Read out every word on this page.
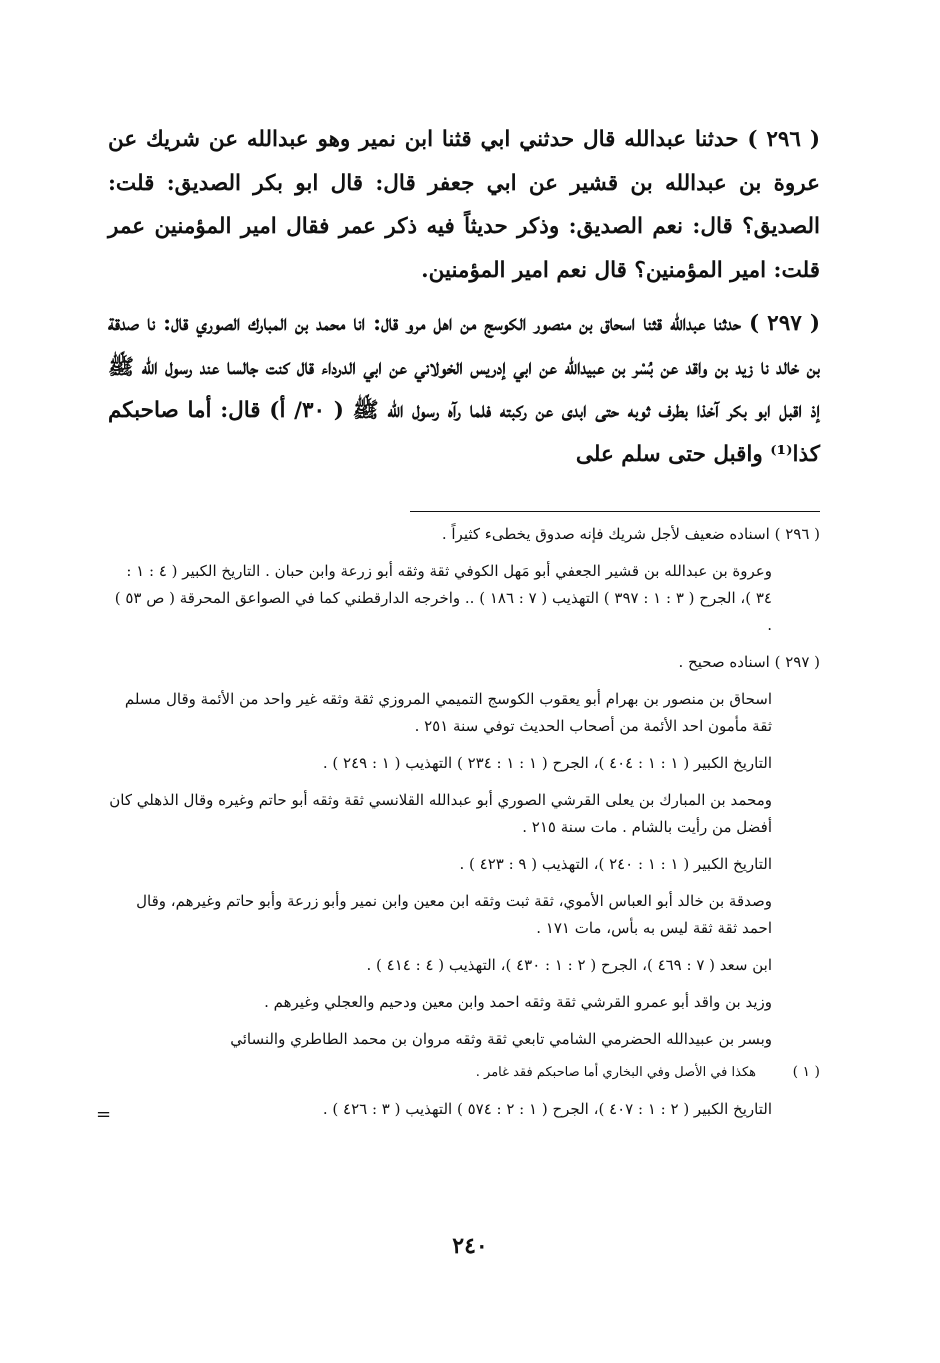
( ٢٩٦ ) حدثنا عبدالله قال حدثني ابي قثنا ابن نمير وهو عبدالله عن شريك عن عروة بن عبدالله بن قشير عن ابي جعفر قال: قال ابو بكر الصديق: قلت: الصديق؟ قال: نعم الصديق: وذكر حديثاً فيه ذكر عمر فقال امير المؤمنين عمر قلت: امير المؤمنين؟ قال نعم امير المؤمنين.

( ٢٩٧ ) حدثنا عبدالله قثنا اسحاق بن منصور الكوسج من اهل مرو قال: انا محمد بن المبارك الصوري قال: نا صدقة بن خالد نا زيد بن واقد عن بُسْر بن عبيدالله عن ابي إدريس الخولاني عن ابي الدرداء قال كنت جالسا عند رسول الله ﷺ إذ اقبل ابو بكر آخذا بطرف ثوبه حتى ابدى عن ركبته فلما رآه رسول الله ﷺ ( ٣٠/ أ) قال: أما صاحبكم كذا⁽¹⁾ واقبل حتى سلم على

( ٢٩٦ ) اسناده ضعيف لأجل شريك فإنه صدوق يخطىء كثيراً .

وعروة بن عبدالله بن قشير الجعفي أبو مَهل الكوفي ثقة وثقه أبو زرعة وابن حبان . التاريخ الكبير ( ٤ : ١ : ٣٤ )، الجرح ( ٣ : ١ : ٣٩٧ ) التهذيب ( ٧ : ١٨٦ ) .. واخرجه الدارقطني كما في الصواعق المحرقة ( ص ٥٣ ) .

( ٢٩٧ ) اسناده صحيح .

اسحاق بن منصور بن بهرام أبو يعقوب الكوسج التميمي المروزي ثقة وثقه غير واحد من الأئمة وقال مسلم ثقة مأمون احد الأئمة من أصحاب الحديث توفي سنة ٢٥١ .

التاريخ الكبير ( ١ : ١ : ٤٠٤ )، الجرح ( ١ : ١ : ٢٣٤ ) التهذيب ( ١ : ٢٤٩ ) .

ومحمد بن المبارك بن يعلى القرشي الصوري أبو عبدالله القلانسي ثقة وثقه أبو حاتم وغيره وقال الذهلي كان أفضل من رأيت بالشام . مات سنة ٢١٥ .

التاريخ الكبير ( ١ : ١ : ٢٤٠ )، التهذيب ( ٩ : ٤٢٣ ) .

وصدقة بن خالد أبو العباس الأموي، ثقة ثبت وثقه ابن معين وابن نمير وأبو زرعة وأبو حاتم وغيرهم، وقال احمد ثقة ثقة ليس به بأس، مات ١٧١ .

ابن سعد ( ٧ : ٤٦٩ )، الجرح ( ٢ : ١ : ٤٣٠ )، التهذيب ( ٤ : ٤١٤ ) .

وزيد بن واقد أبو عمرو القرشي ثقة وثقه احمد وابن معين ودحيم والعجلي وغيرهم .

وبسر بن عبيدالله الحضرمي الشامي تابعي ثقة وثقه مروان بن محمد الطاطري والنسائي

( ١ )
هكذا في الأصل وفي البخاري أما صاحبكم فقد غامر .

التاريخ الكبير ( ٢ : ١ : ٤٠٧ )، الجرح ( ١ : ٢ : ٥٧٤ ) التهذيب ( ٣ : ٤٢٦ ) .

=
٢٤٠
